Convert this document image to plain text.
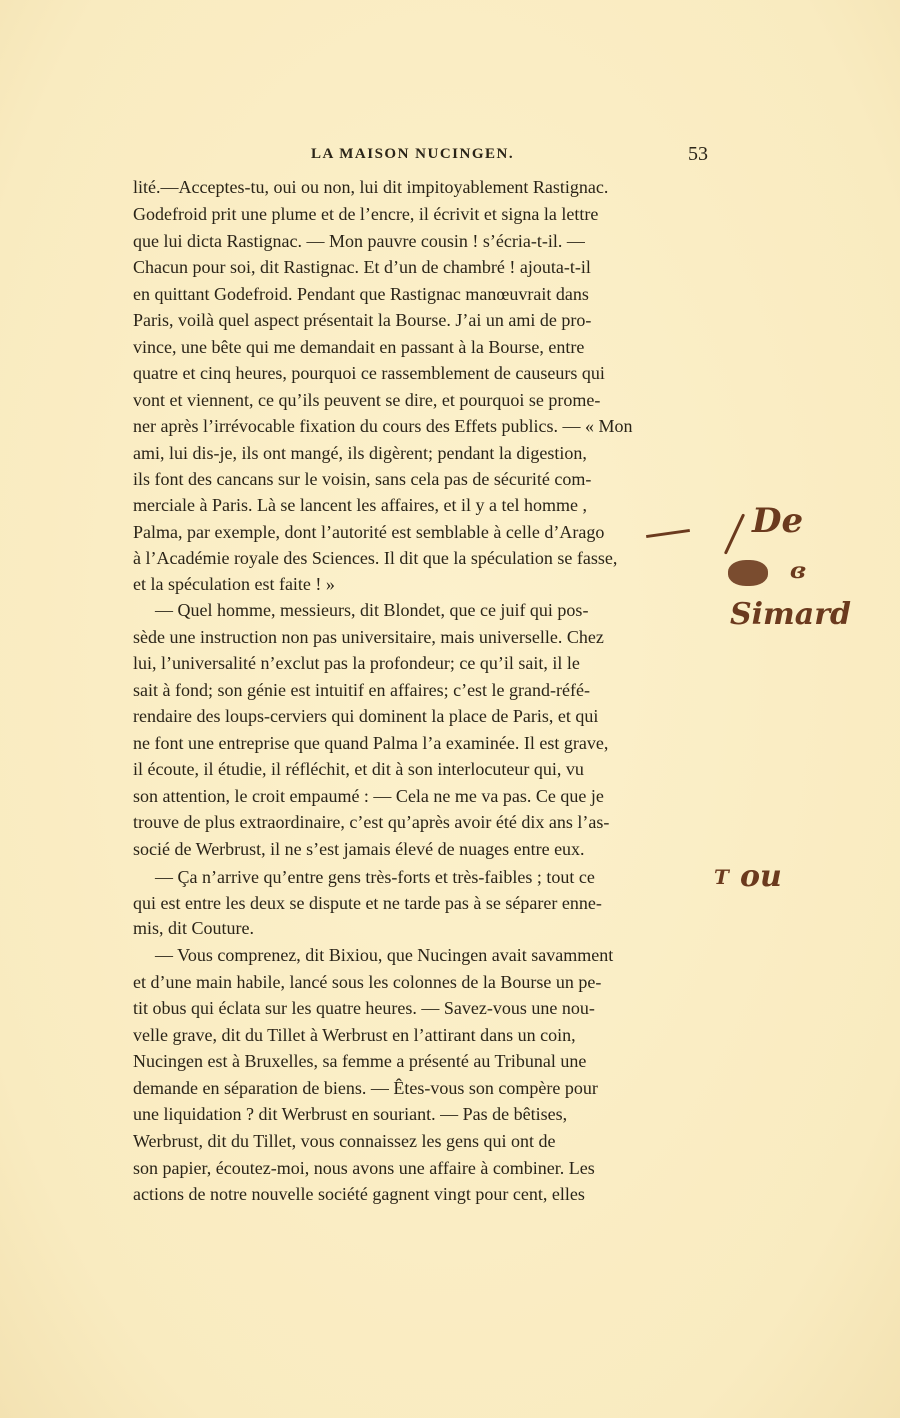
LA MAISON NUCINGEN.	53
lité.—Acceptes-tu, oui ou non, lui dit impitoyablement Rastignac.
Godefroid prit une plume et de l’encre, il écrivit et signa la lettre
que lui dicta Rastignac. — Mon pauvre cousin ! s’écria-t-il. —
Chacun pour soi, dit Rastignac. Et d’un de chambré ! ajouta-t-il
en quittant Godefroid. Pendant que Rastignac manœuvrait dans
Paris, voilà quel aspect présentait la Bourse. J’ai un ami de pro-
vince, une bête qui me demandait en passant à la Bourse, entre
quatre et cinq heures, pourquoi ce rassemblement de causeurs qui
vont et viennent, ce qu’ils peuvent se dire, et pourquoi se prome-
ner après l’irrévocable fixation du cours des Effets publics. — « Mon
ami, lui dis-je, ils ont mangé, ils digèrent; pendant la digestion,
ils font des cancans sur le voisin, sans cela pas de sécurité com-
merciale à Paris. Là se lancent les affaires, et il y a tel homme ,
Palma, par exemple, dont l’autorité est semblable à celle d’Arago
à l’Académie royale des Sciences. Il dit que la spéculation se fasse,
et la spéculation est faite ! »
— Quel homme, messieurs, dit Blondet, que ce juif qui pos-
sède une instruction non pas universitaire, mais universelle. Chez
lui, l’universalité n’exclut pas la profondeur; ce qu’il sait, il le
sait à fond; son génie est intuitif en affaires; c’est le grand-réfé-
rendaire des loups-cerviers qui dominent la place de Paris, et qui
ne font une entreprise que quand Palma l’a examinée. Il est grave,
il écoute, il étudie, il réfléchit, et dit à son interlocuteur qui, vu
son attention, le croit empaumé : — Cela ne me va pas. Ce que je
trouve de plus extraordinaire, c’est qu’après avoir été dix ans l’as-
socié de Werbrust, il ne s’est jamais élevé de nuages entre eux.
— Ça n’arrive qu’entre gens très-forts et très-faibles ; tout ce
qui est entre les deux se dispute et ne tarde pas à se séparer enne-
mis, dit Couture.
— Vous comprenez, dit Bixiou, que Nucingen avait savamment
et d’une main habile, lancé sous les colonnes de la Bourse un pe-
tit obus qui éclata sur les quatre heures. — Savez-vous une nou-
velle grave, dit du Tillet à Werbrust en l’attirant dans un coin,
Nucingen est à Bruxelles, sa femme a présenté au Tribunal une
demande en séparation de biens. — Êtes-vous son compère pour
une liquidation ? dit Werbrust en souriant. — Pas de bêtises,
Werbrust, dit du Tillet, vous connaissez les gens qui ont de
son papier, écoutez-moi, nous avons une affaire à combiner. Les
actions de notre nouvelle société gagnent vingt pour cent, elles
De
ɞ
Simard
ou
T
